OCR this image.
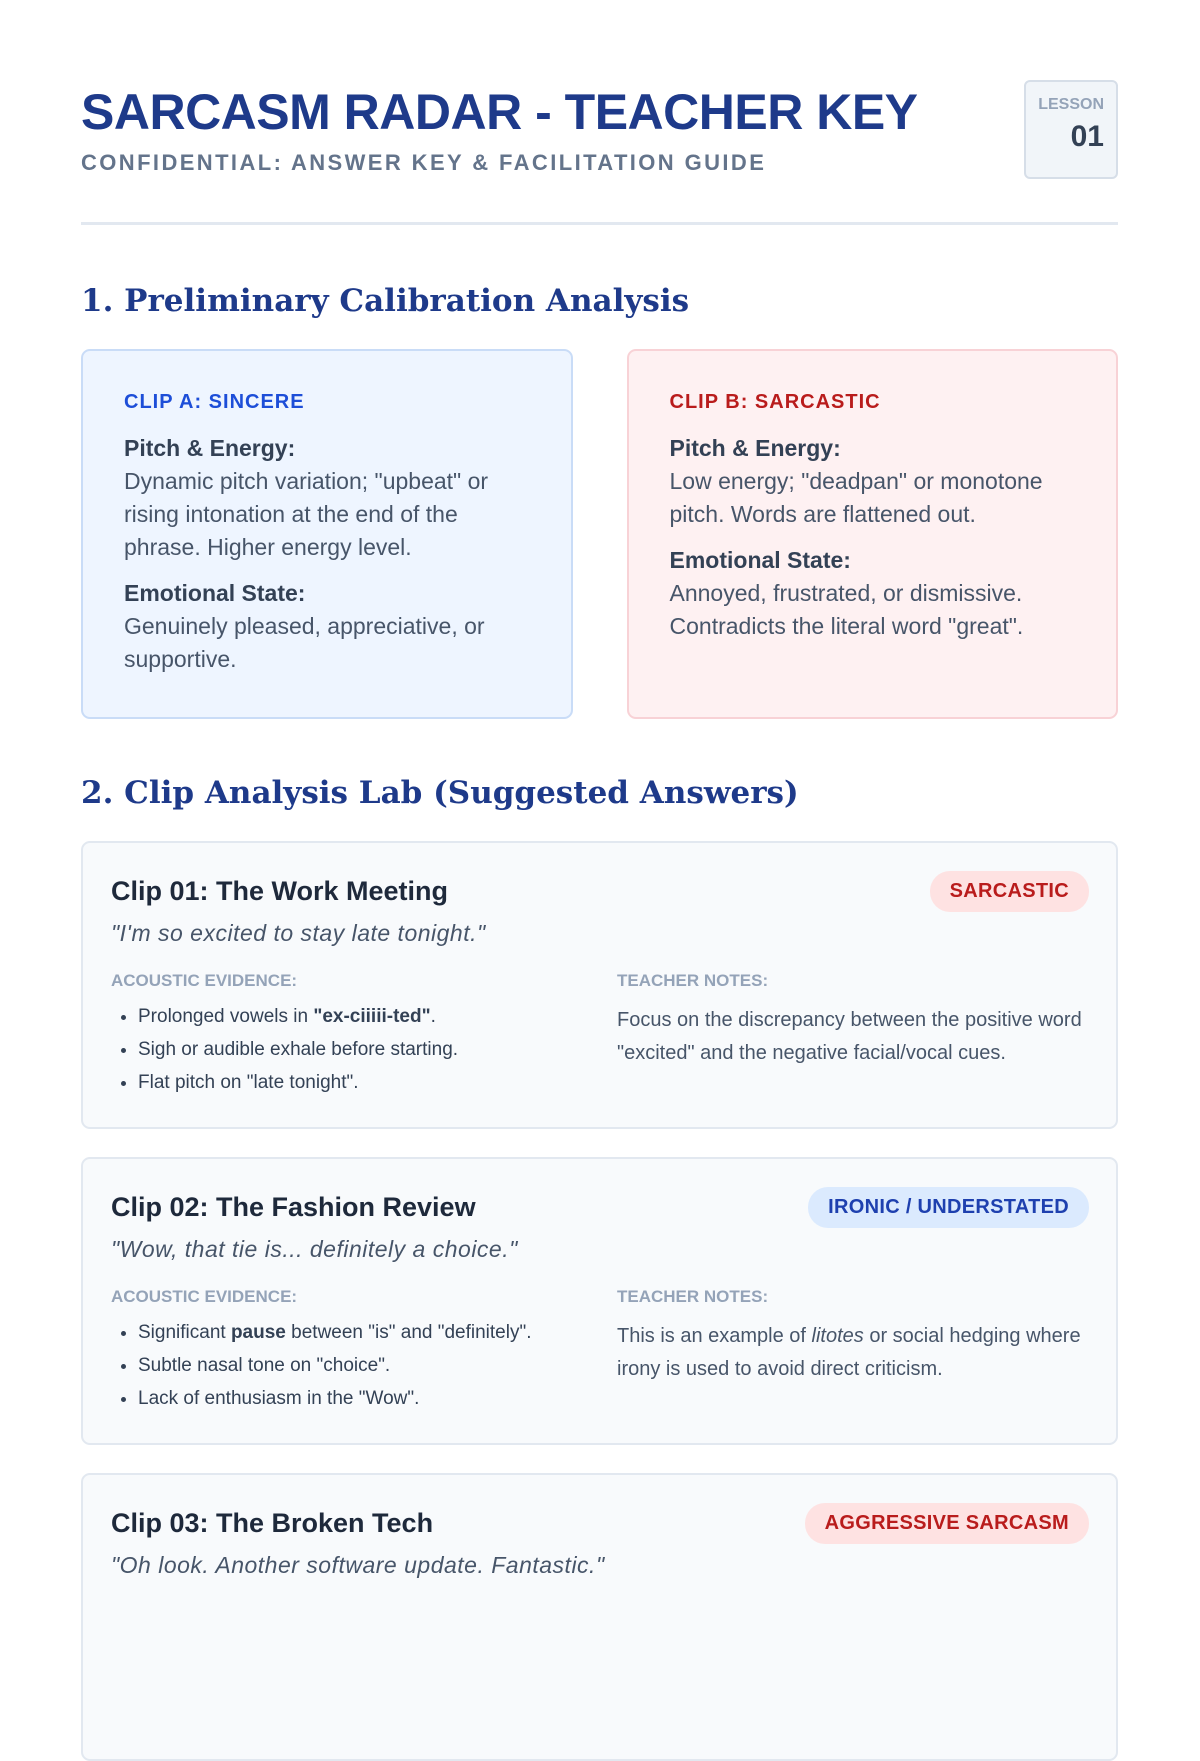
SARCASM RADAR - TEACHER KEY
CONFIDENTIAL: ANSWER KEY & FACILITATION GUIDE
LESSON
01
1. Preliminary Calibration Analysis
CLIP A: SINCERE
Pitch & Energy:
Dynamic pitch variation; "upbeat" or rising intonation at the end of the phrase. Higher energy level.
Emotional State:
Genuinely pleased, appreciative, or supportive.
CLIP B: SARCASTIC
Pitch & Energy:
Low energy; "deadpan" or monotone pitch. Words are flattened out.
Emotional State:
Annoyed, frustrated, or dismissive. Contradicts the literal word "great".
2. Clip Analysis Lab (Suggested Answers)
Clip 01: The Work Meeting	SARCASTIC
"I'm so excited to stay late tonight."
ACOUSTIC EVIDENCE:
• Prolonged vowels in "ex-ciiiii-ted".
• Sigh or audible exhale before starting.
• Flat pitch on "late tonight".
TEACHER NOTES:
Focus on the discrepancy between the positive word "excited" and the negative facial/vocal cues.
Clip 02: The Fashion Review	IRONIC / UNDERSTATED
"Wow, that tie is... definitely a choice."
ACOUSTIC EVIDENCE:
• Significant pause between "is" and "definitely".
• Subtle nasal tone on "choice".
• Lack of enthusiasm in the "Wow".
TEACHER NOTES:
This is an example of litotes or social hedging where irony is used to avoid direct criticism.
Clip 03: The Broken Tech	AGGRESSIVE SARCASM
"Oh look. Another software update. Fantastic."
